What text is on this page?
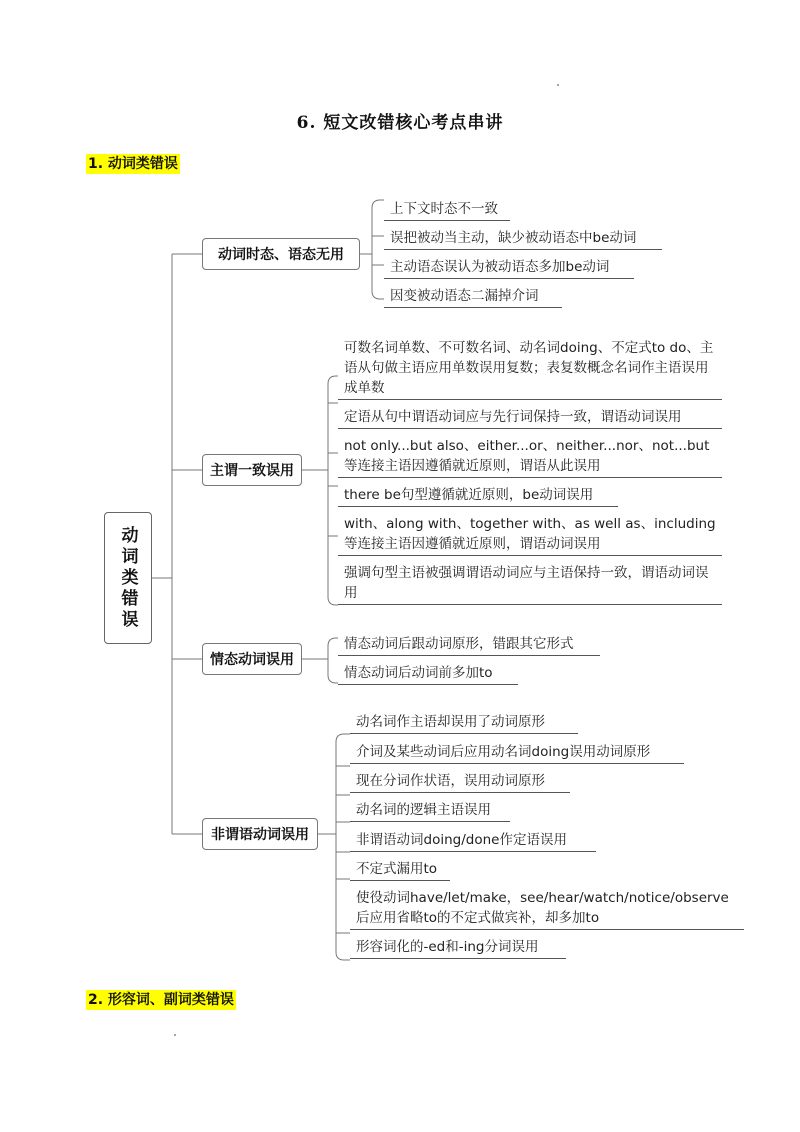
6. 短文改错核心考点串讲
1. 动词类错误
动词类错误
动词时态、语态无用
主谓一致误用
情态动词误用
非谓语动词误用
上下文时态不一致
误把被动当主动，缺少被动语态中be动词
主动语态误认为被动语态多加be动词
因变被动语态二漏掉介词
可数名词单数、不可数名词、动名词doing、不定式to do、主语从句做主语应用单数误用复数；表复数概念名词作主语误用成单数
定语从句中谓语动词应与先行词保持一致，谓语动词误用
not only...but also、either...or、neither...nor、not...but 等连接主语因遵循就近原则，谓语从此误用
there be句型遵循就近原则，be动词误用
with、along with、together with、as well as、including等连接主语因遵循就近原则，谓语动词误用
强调句型主语被强调谓语动词应与主语保持一致，谓语动词误用
情态动词后跟动词原形，错跟其它形式
情态动词后动词前多加to
动名词作主语却误用了动词原形
介词及某些动词后应用动名词doing误用动词原形
现在分词作状语，误用动词原形
动名词的逻辑主语误用
非谓语动词doing/done作定语误用
不定式漏用to
使役动词have/let/make，see/hear/watch/notice/observe后应用省略to的不定式做宾补，却多加to
形容词化的-ed和-ing分词误用
2. 形容词、副词类错误
